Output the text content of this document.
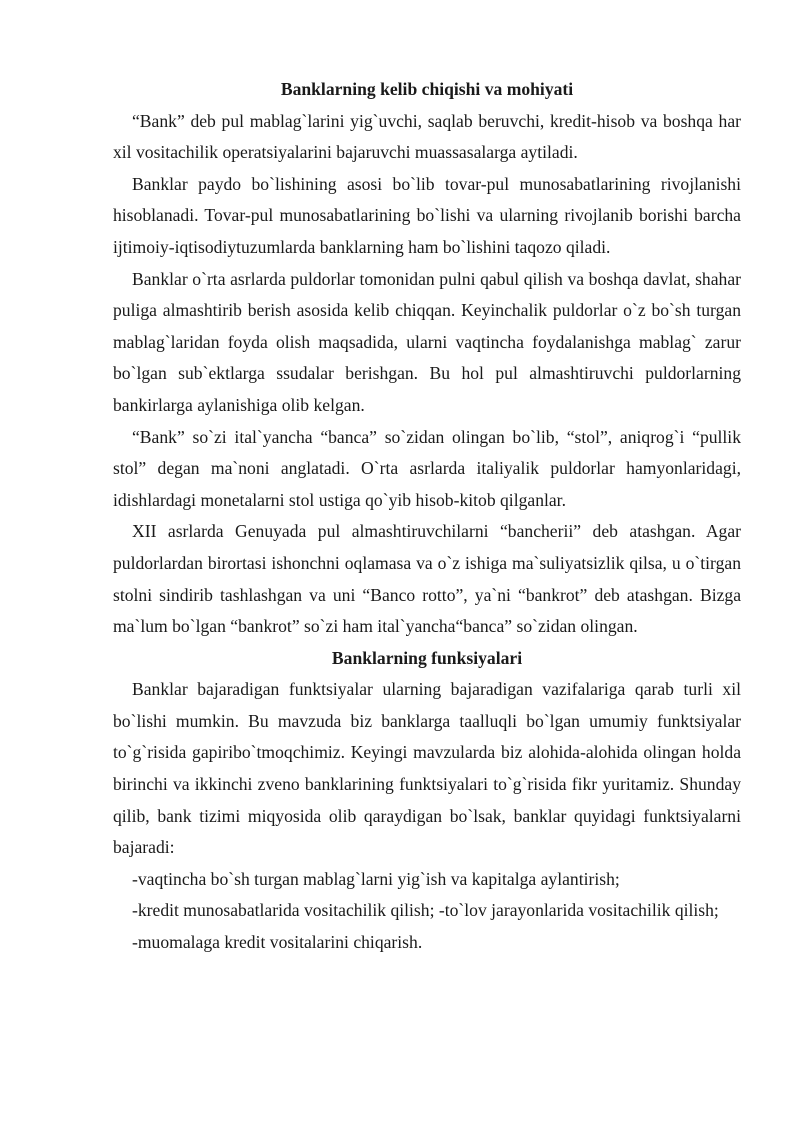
Banklarning kelib chiqishi va mohiyati

“Bank” deb pul mablag`larini yig`uvchi, saqlab beruvchi, kredit-hisob va boshqa har xil vositachilik operatsiyalarini bajaruvchi muassasalarga aytiladi.

Banklar paydo bo`lishining asosi bo`lib tovar-pul munosabatlarining rivojlanishi hisoblanadi. Tovar-pul munosabatlarining bo`lishi va ularning rivojlanib borishi barcha ijtimoiy-iqtisodiytuzumlarda banklarning ham bo`lishini taqozo qiladi.

Banklar o`rta asrlarda puldorlar tomonidan pulni qabul qilish va boshqa davlat, shahar puliga almashtirib berish asosida kelib chiqqan. Keyinchalik puldorlar o`z bo`sh turgan mablag`laridan foyda olish maqsadida, ularni vaqtincha foydalanishga mablag` zarur bo`lgan sub`ektlarga ssudalar berishgan. Bu hol pul almashtiruvchi puldorlarning bankirlarga aylanishiga olib kelgan.

“Bank” so`zi ital`yancha “banca” so`zidan olingan bo`lib, “stol”, aniqrog`i “pullik stol” degan ma`noni anglatadi. O`rta asrlarda italiyalik puldorlar hamyonlaridagi, idishlardagi monetalarni stol ustiga qo`yib hisob-kitob qilganlar.

XII asrlarda Genuyada pul almashtiruvchilarni “bancherii” deb atashgan. Agar puldorlardan birortasi ishonchni oqlamasa va o`z ishiga ma`suliyatsizlik qilsa, u o`tirgan stolni sindirib tashlashgan va uni “Banco rotto”, ya`ni “bankrot” deb atashgan. Bizga ma`lum bo`lgan “bankrot” so`zi ham ital`yancha“banca” so`zidan olingan.

Banklarning funksiyalari

Banklar bajaradigan funktsiyalar ularning bajaradigan vazifalariga qarab turli xil bo`lishi mumkin. Bu mavzuda biz banklarga taalluqli bo`lgan umumiy funktsiyalar to`g`risida gapiribo`tmoqchimiz. Keyingi mavzularda biz alohida-alohida olingan holda birinchi va ikkinchi zveno banklarining funktsiyalari to`g`risida fikr yuritamiz. Shunday qilib, bank tizimi miqyosida olib qaraydigan bo`lsak, banklar quyidagi funktsiyalarni bajaradi:

-vaqtincha bo`sh turgan mablag`larni yig`ish va kapitalga aylantirish;

-kredit munosabatlarida vositachilik qilish; -to`lov jarayonlarida vositachilik qilish;

-muomalaga kredit vositalarini chiqarish.
